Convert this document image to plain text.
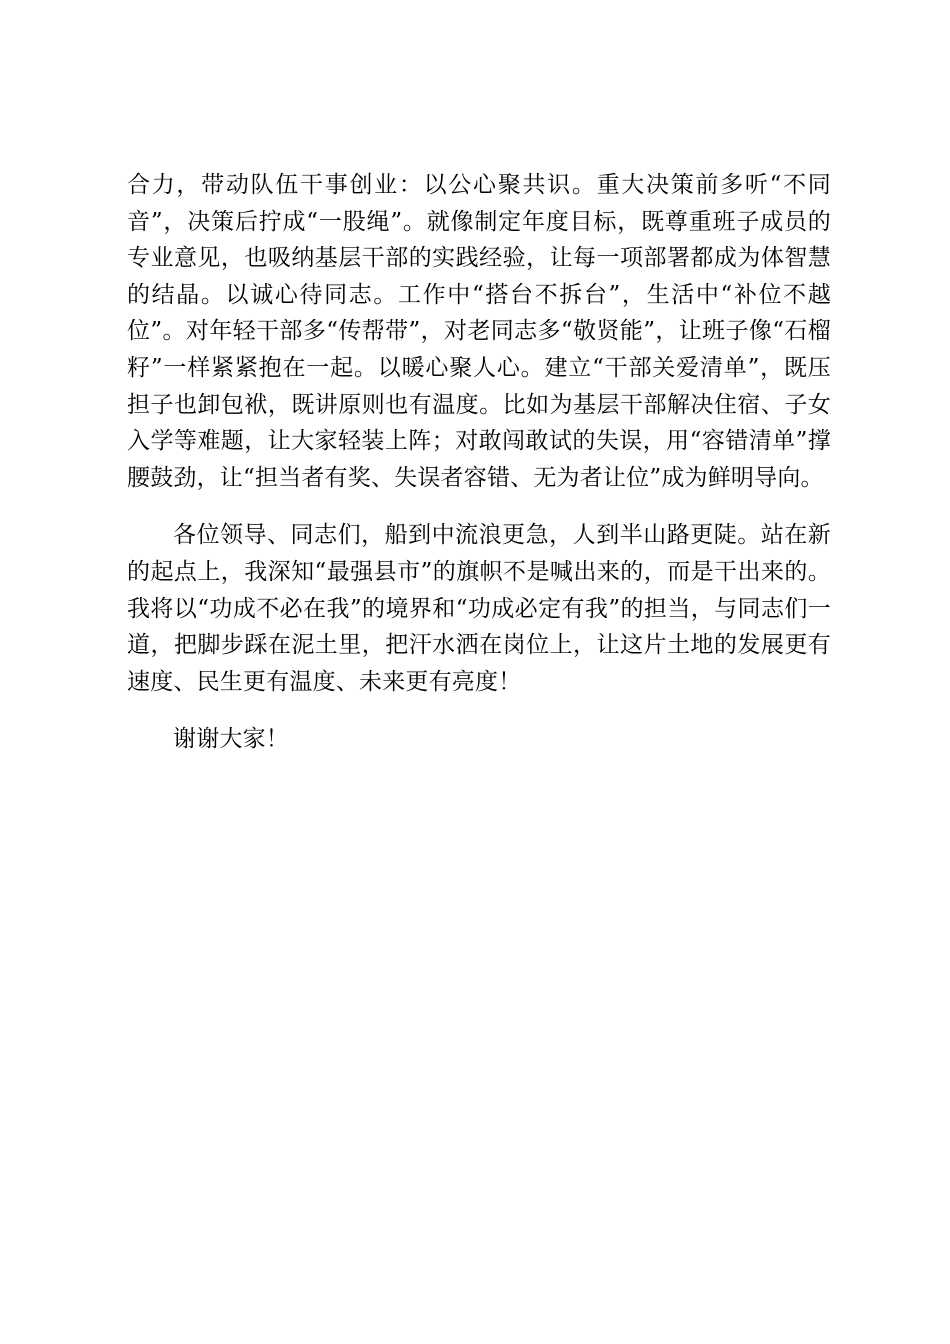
合力，带动队伍干事创业：以公心聚共识。重大决策前多听“不同音”，决策后拧成“一股绳”。就像制定年度目标，既尊重班子成员的专业意见，也吸纳基层干部的实践经验，让每一项部署都成为体智慧的结晶。以诚心待同志。工作中“搭台不拆台”，生活中“补位不越位”。对年轻干部多“传帮带”，对老同志多“敬贤能”，让班子像“石榴籽”一样紧紧抱在一起。以暖心聚人心。建立“干部关爱清单”，既压担子也卸包袱，既讲原则也有温度。比如为基层干部解决住宿、子女入学等难题，让大家轻装上阵；对敢闯敢试的失误，用“容错清单”撑腰鼓劲，让“担当者有奖、失误者容错、无为者让位”成为鲜明导向。

各位领导、同志们，船到中流浪更急，人到半山路更陡。站在新的起点上，我深知“最强县市”的旗帜不是喊出来的，而是干出来的。我将以“功成不必在我”的境界和“功成必定有我”的担当，与同志们一道，把脚步踩在泥土里，把汗水洒在岗位上，让这片土地的发展更有速度、民生更有温度、未来更有亮度！

谢谢大家！
